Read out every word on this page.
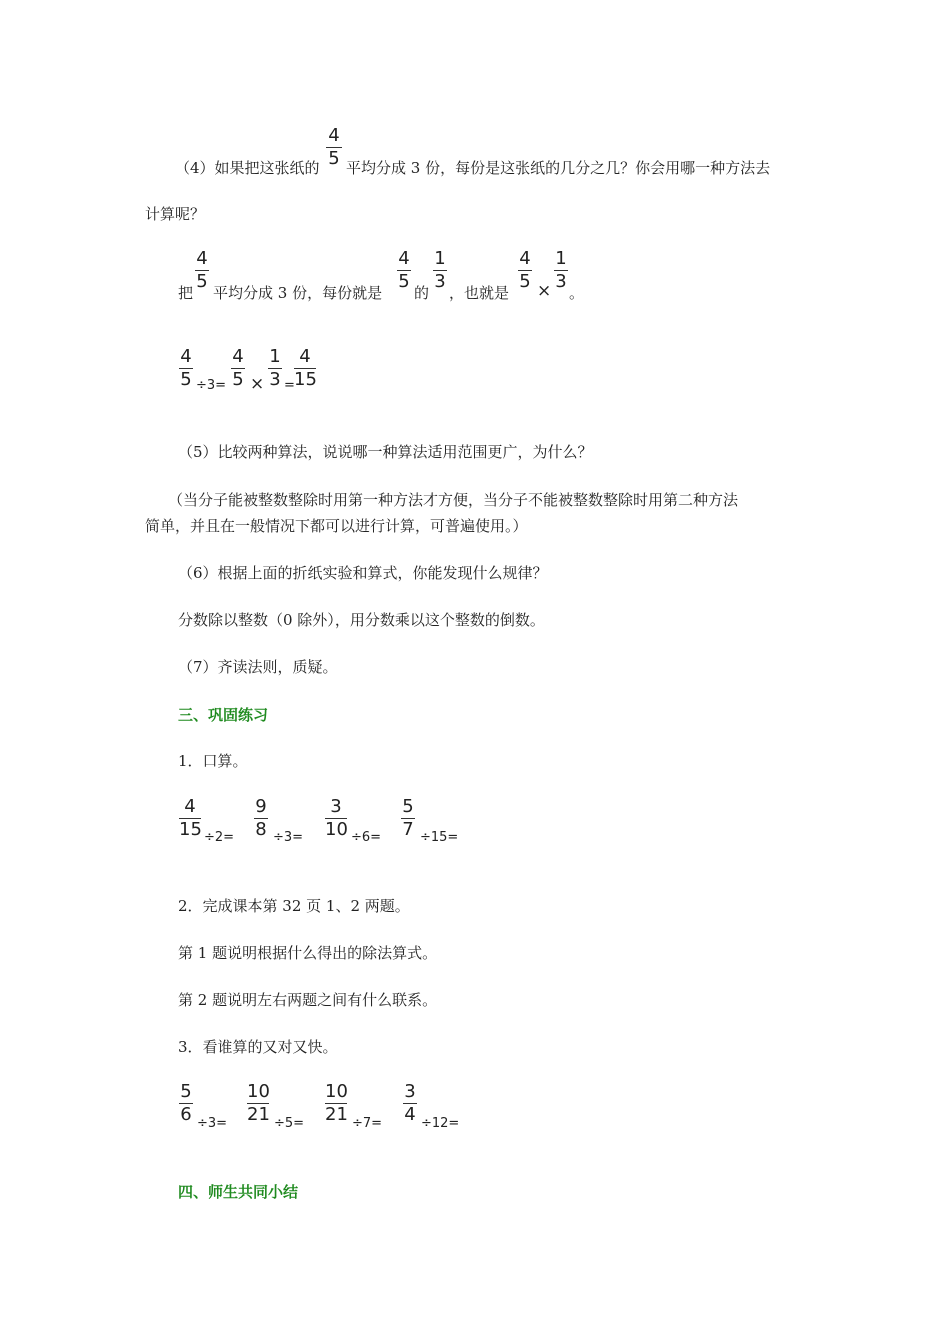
4
5
（4）如果把这张纸的 平均分成 3 份，每份是这张纸的几分之几？你会用哪一种方法去
计算呢？
把
4
5
平均分成 3 份，每份就是
4
5
的
1
3
，也就是
4
5 ×
1
3
。
4
5 ÷3=
4
5 ×
1
3 =
4
15
（5）比较两种算法，说说哪一种算法适用范围更广，为什么？
（当分子能被整数整除时用第一种方法才方便，当分子不能被整数整除时用第二种方法
简单，并且在一般情况下都可以进行计算，可普遍使用。）
（6）根据上面的折纸实验和算式，你能发现什么规律？
分数除以整数（0 除外），用分数乘以这个整数的倒数。
（7）齐读法则，质疑。
三、巩固练习
1．口算。
4
15 ÷2=
9
8 ÷3=
3
10 ÷6=
5
7 ÷15=
2．完成课本第 32 页 1、2 两题。
第 1 题说明根据什么得出的除法算式。
第 2 题说明左右两题之间有什么联系。
3．看谁算的又对又快。
5
6 ÷3=
10
21 ÷5=
10
21 ÷7=
3
4 ÷12=
四、师生共同小结
